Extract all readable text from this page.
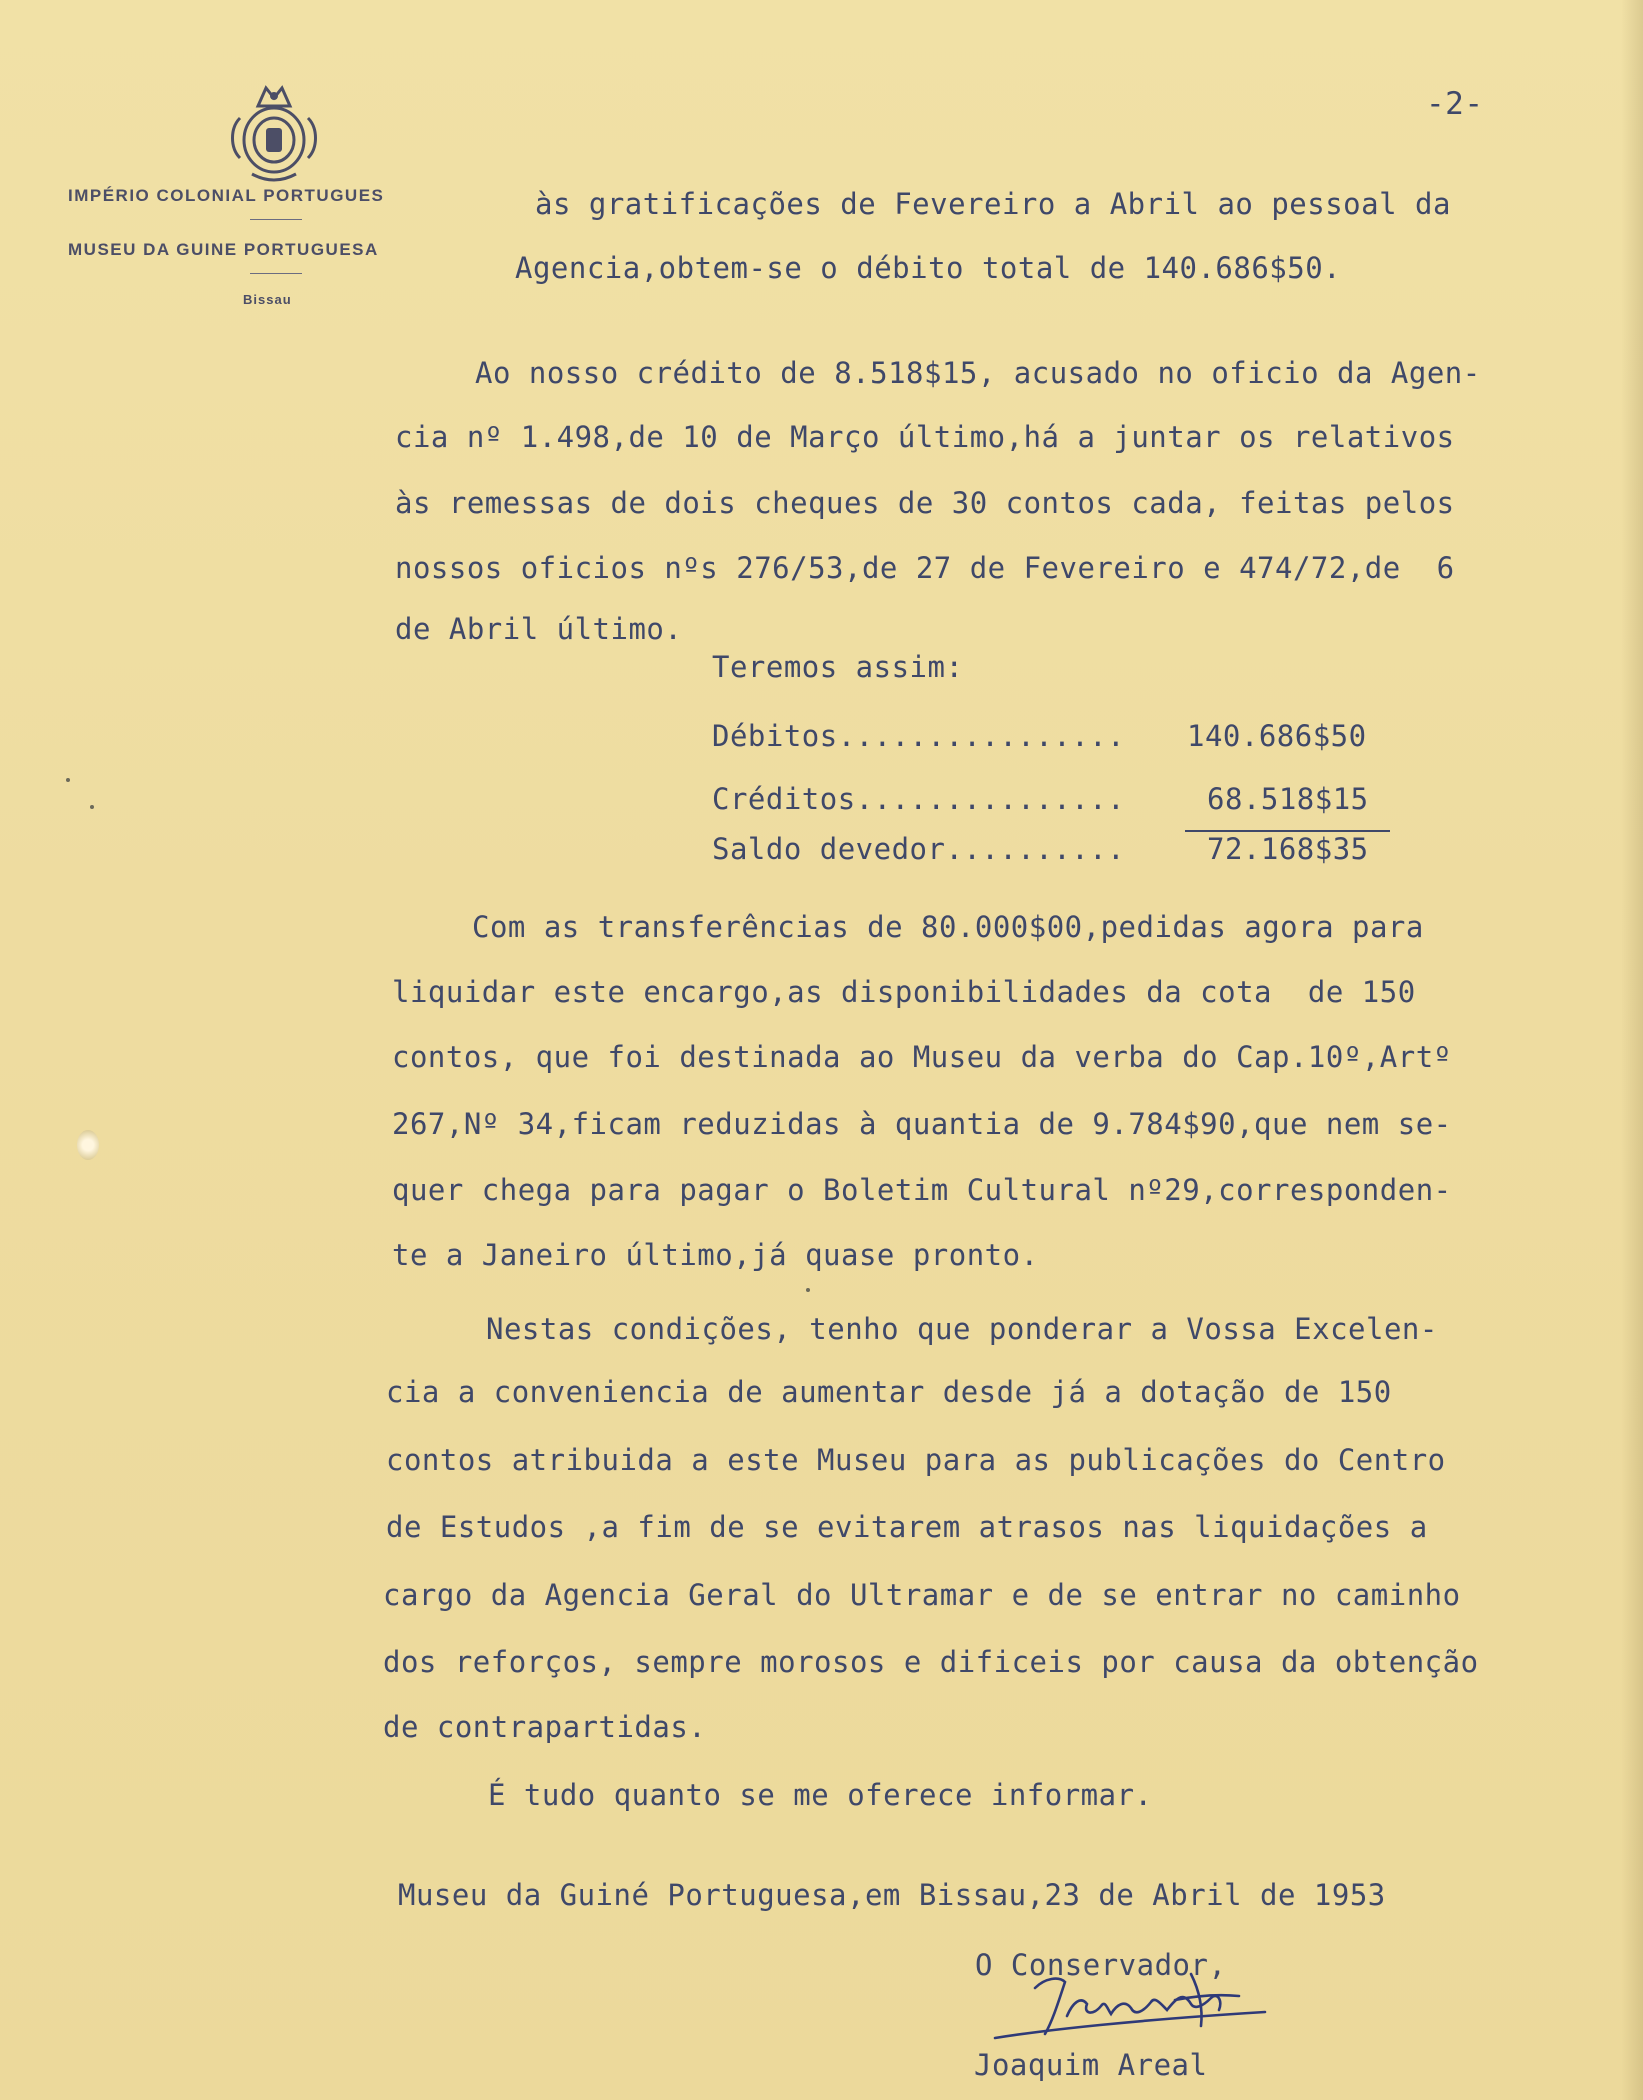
IMPÉRIO COLONIAL PORTUGUES
MUSEU DA GUINE PORTUGUESA
Bissau
-2-
às gratificações de Fevereiro a Abril ao pessoal da
Agencia,obtem-se o débito total de 140.686$50.
Ao nosso crédito de 8.518$15, acusado no oficio da Agen-
cia nº 1.498,de 10 de Março último,há a juntar os relativos
às remessas de dois cheques de 30 contos cada, feitas pelos
nossos oficios nºs 276/53,de 27 de Fevereiro e 474/72,de  6
de Abril último.
Teremos assim:
Débitos................ 140.686$50
Créditos...............	68.518$15
Saldo devedor..........	72.168$35
Com as transferências de 80.000$00,pedidas agora para
liquidar este encargo,as disponibilidades da cota  de 150
contos, que foi destinada ao Museu da verba do Cap.10º,Artº
267,Nº 34,ficam reduzidas à quantia de 9.784$90,que nem se-
quer chega para pagar o Boletim Cultural nº29,corresponden-
te a Janeiro último,já quase pronto.
Nestas condições, tenho que ponderar a Vossa Excelen-
cia a conveniencia de aumentar desde já a dotação de 150
contos atribuida a este Museu para as publicações do Centro
de Estudos ,a fim de se evitarem atrasos nas liquidações a
cargo da Agencia Geral do Ultramar e de se entrar no caminho
dos reforços, sempre morosos e dificeis por causa da obtenção
de contrapartidas.
É tudo quanto se me oferece informar.
Museu da Guiné Portuguesa,em Bissau,23 de Abril de 1953
O Conservador,
Joaquim Areal
